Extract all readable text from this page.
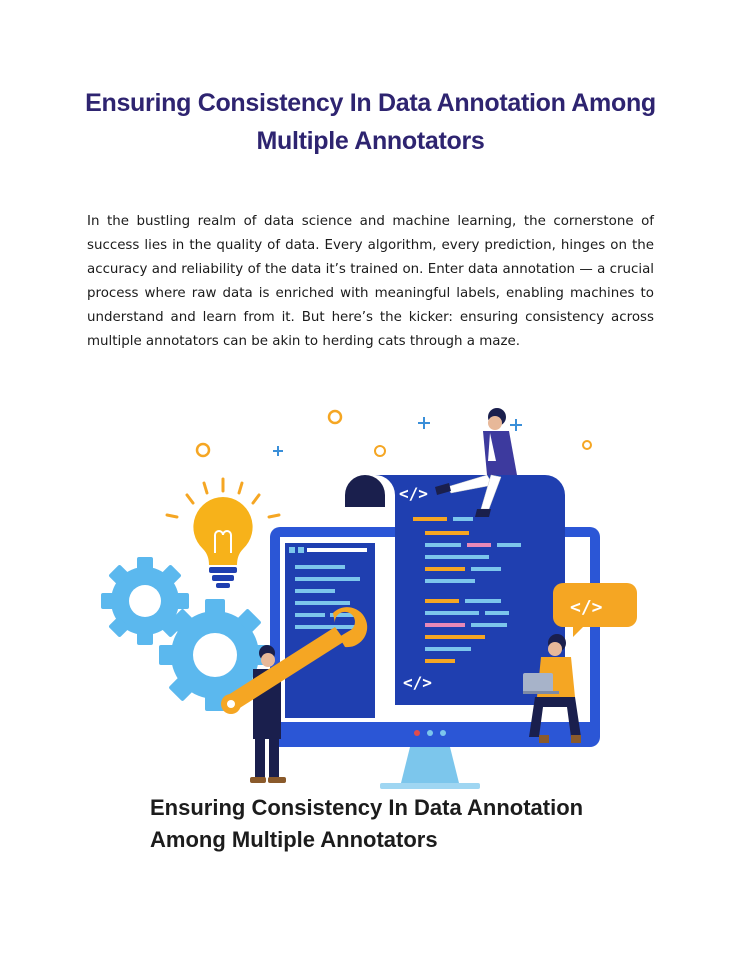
Ensuring Consistency In Data Annotation Among Multiple Annotators

In the bustling realm of data science and machine learning, the cornerstone of success lies in the quality of data. Every algorithm, every prediction, hinges on the accuracy and reliability of the data it’s trained on. Enter data annotation — a crucial process where raw data is enriched with meaningful labels, enabling machines to understand and learn from it. But here’s the kicker: ensuring consistency across multiple annotators can be akin to herding cats through a maze.

</>
</>
</>

Ensuring Consistency In Data Annotation Among Multiple Annotators
